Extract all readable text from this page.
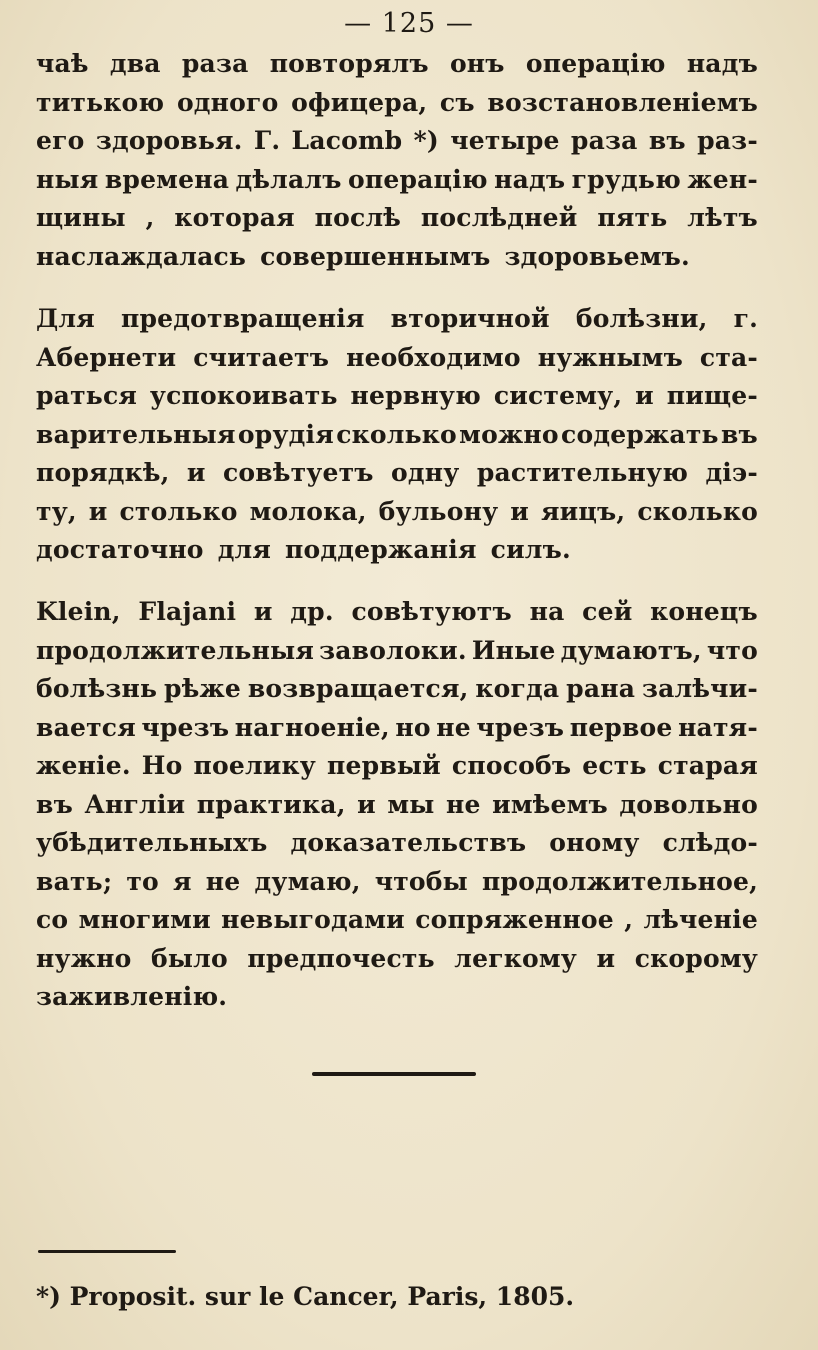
— 125 —
чаѣ два раза повторялъ онъ операцію надъ
титькою одного офицера, съ возстановленіемъ
его здоровья. Г. Lacomb *) четыре раза въ раз-
ныя времена дѣлалъ операцію надъ грудью жен-
щины , которая послѣ послѣдней пять лѣтъ
наслаждалась совершеннымъ здоровьемъ.
Для предотвращенія вторичной болѣзни, г.
Абернети считаетъ необходимо нужнымъ ста-
раться успокоивать нервную систему, и пище-
варительныя орудія сколько можно содержать въ
порядкѣ, и совѣтуетъ одну растительную діэ-
ту, и столько молока, бульону и яицъ, сколько
достаточно для поддержанія силъ.
Klein, Flajani и др. совѣтуютъ на сей конецъ
продолжительныя заволоки. Иные думаютъ, что
болѣзнь рѣже возвращается, когда рана залѣчи-
вается чрезъ нагноеніе, но не чрезъ первое натя-
женіе. Но поелику первый способъ есть старая
въ Англіи практика, и мы не имѣемъ довольно
убѣдительныхъ доказательствъ оному слѣдо-
вать; то я не думаю, чтобы продолжительное,
со многими невыгодами сопряженное , лѣченіе
нужно было предпочесть легкому и скорому
заживленію.
*) Proposit. sur le Cancer, Paris, 1805.
